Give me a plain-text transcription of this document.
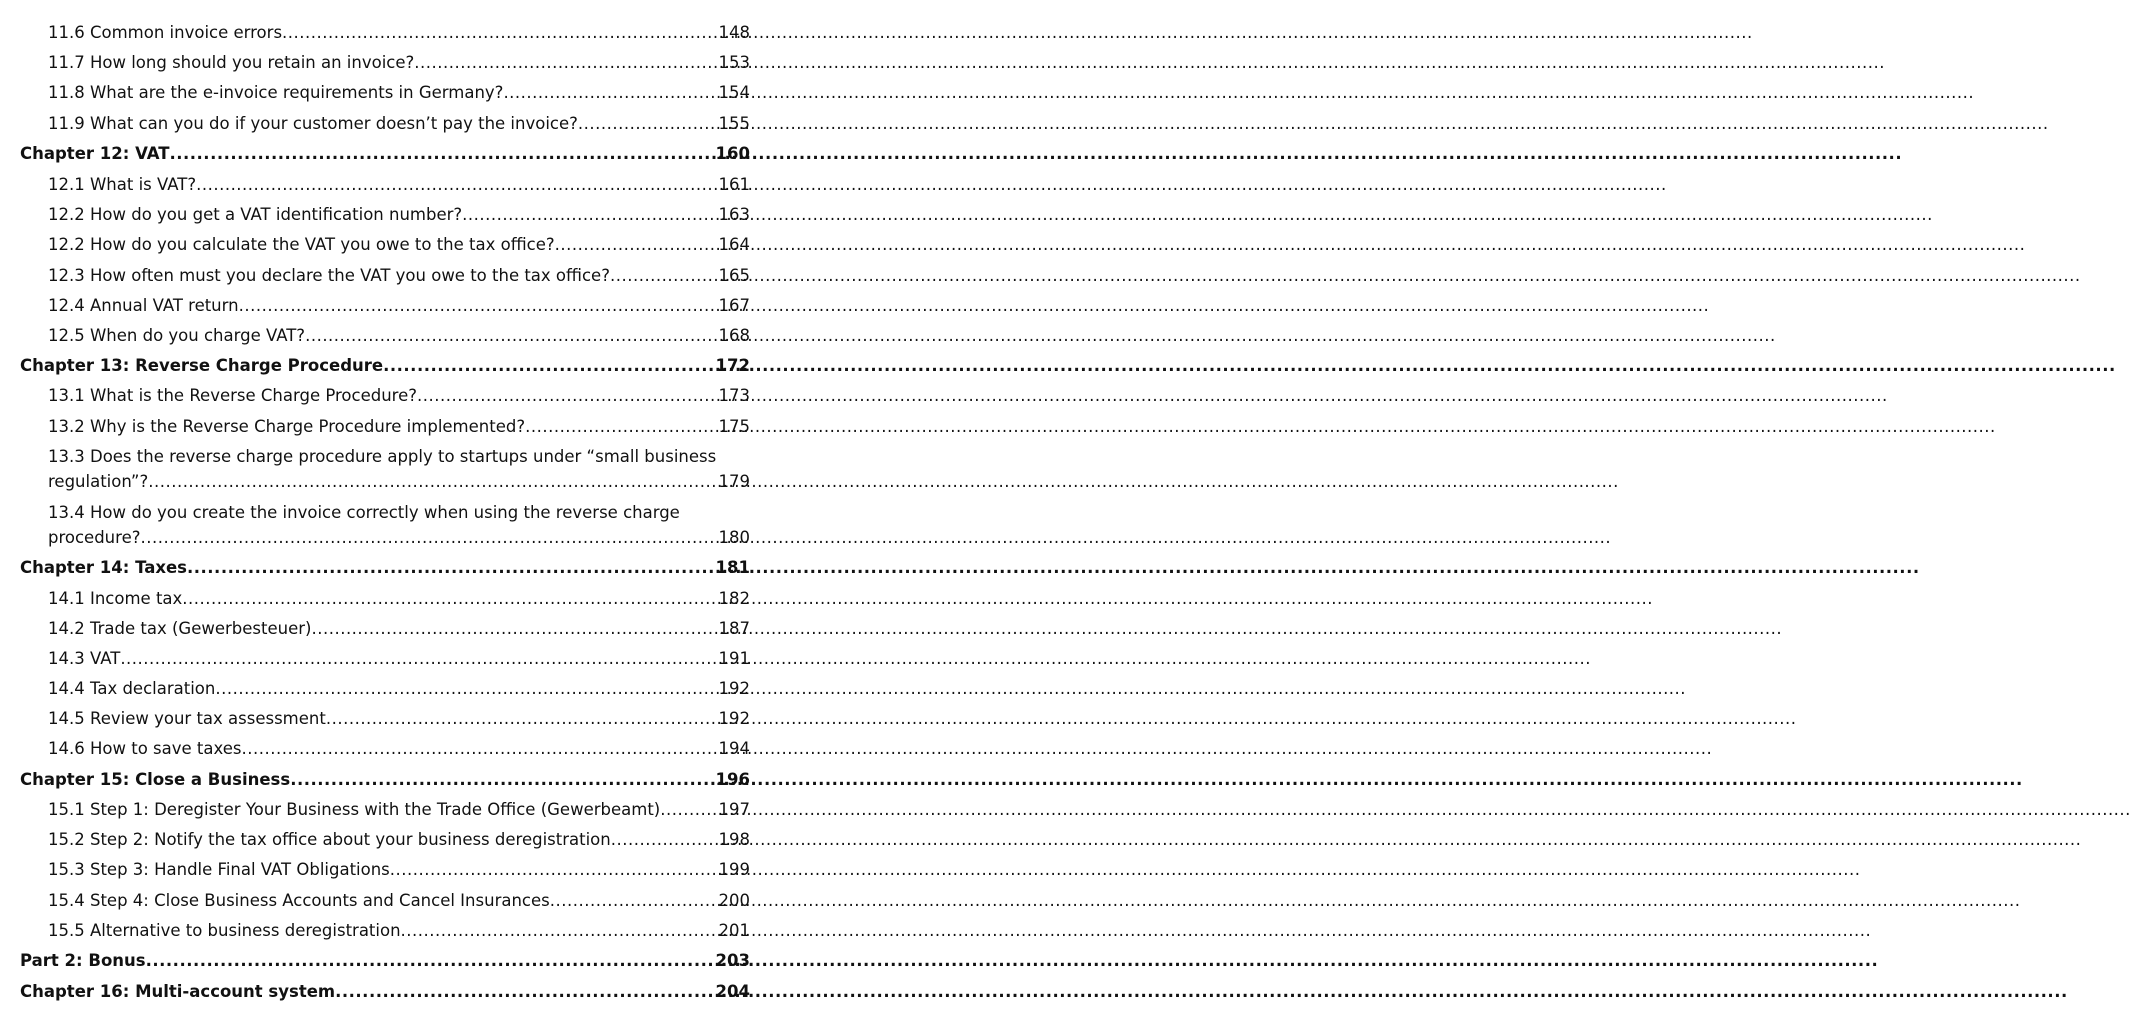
11.6 Common invoice errors .....	148
11.7 How long should you retain an invoice? .....	153
11.8 What are the e-invoice requirements in Germany? .....	154
11.9 What can you do if your customer doesn’t pay the invoice? .....	155
Chapter 12: VAT .....	160
12.1 What is VAT? .....	161
12.2 How do you get a VAT identification number? .....	163
12.2 How do you calculate the VAT you owe to the tax office? .....	164
12.3 How often must you declare the VAT you owe to the tax office? .....	165
12.4 Annual VAT return .....	167
12.5 When do you charge VAT? .....	168
Chapter 13: Reverse Charge Procedure .....	172
13.1 What is the Reverse Charge Procedure? .....	173
13.2 Why is the Reverse Charge Procedure implemented? .....	175
13.3 Does the reverse charge procedure apply to startups under “small business
regulation”? .....	179
13.4 How do you create the invoice correctly when using the reverse charge
procedure? .....	180
Chapter 14: Taxes .....	181
14.1 Income tax .....	182
14.2 Trade tax (Gewerbesteuer) .....	187
14.3 VAT .....	191
14.4 Tax declaration .....	192
14.5 Review your tax assessment .....	192
14.6 How to save taxes .....	194
Chapter 15: Close a Business .....	196
15.1 Step 1: Deregister Your Business with the Trade Office (Gewerbeamt) .....	197
15.2 Step 2: Notify the tax office about your business deregistration .....	198
15.3 Step 3: Handle Final VAT Obligations .....	199
15.4 Step 4: Close Business Accounts and Cancel Insurances .....	200
15.5 Alternative to business deregistration .....	201
Part 2: Bonus .....	203
Chapter 16: Multi-account system .....	204
